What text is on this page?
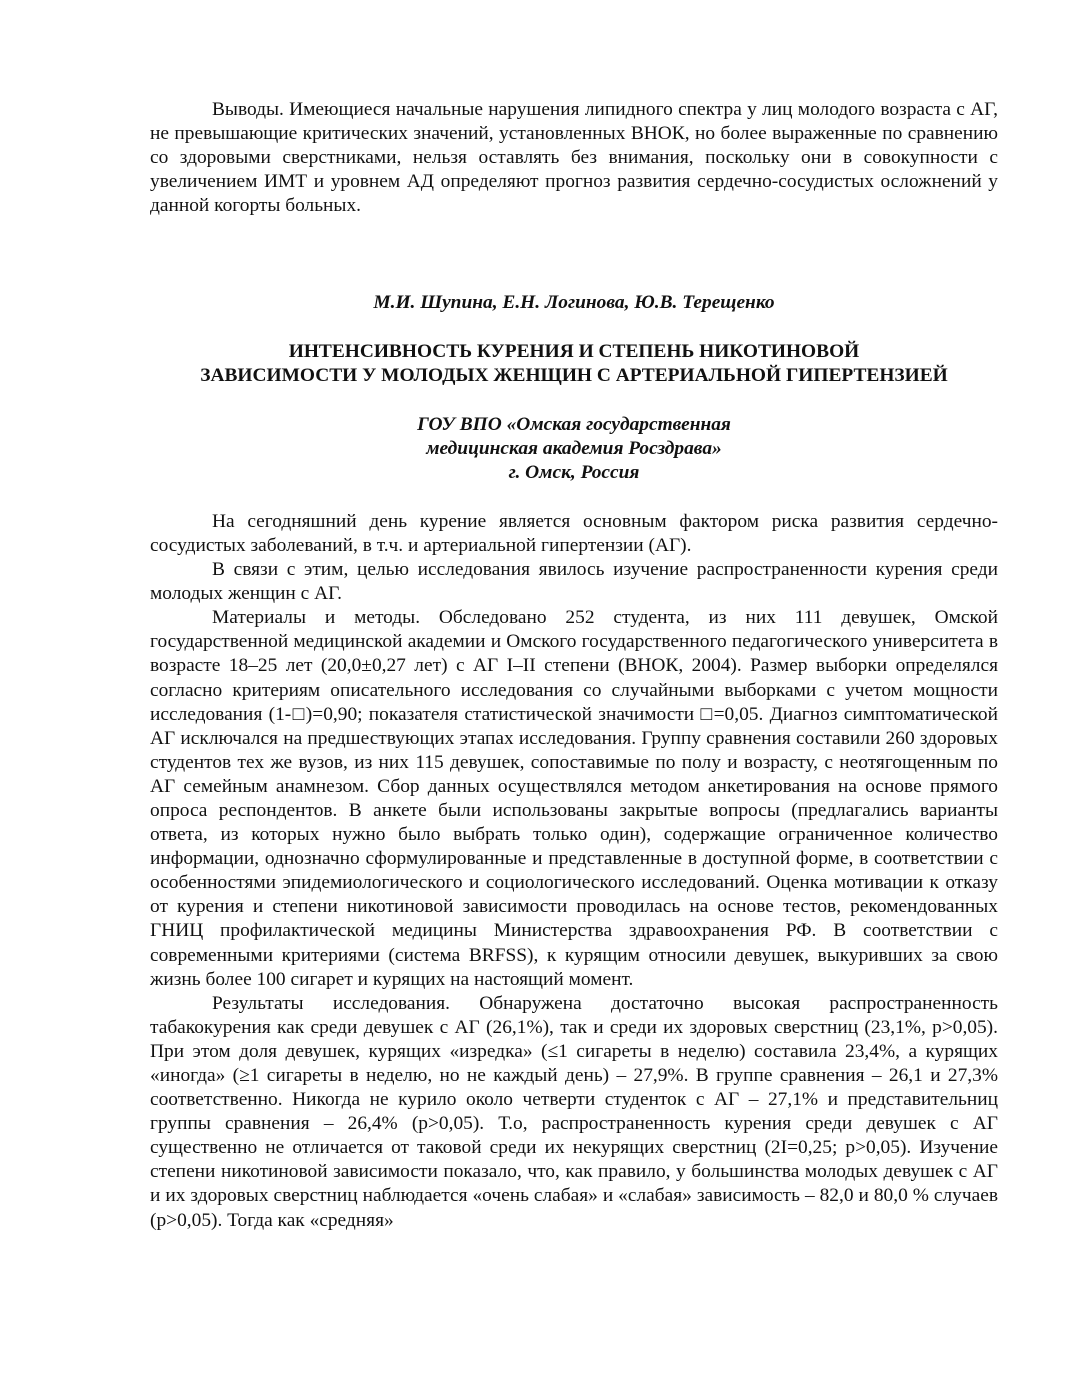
Выводы. Имеющиеся начальные нарушения липидного спектра у лиц молодого возраста с АГ, не превышающие критических значений, установленных ВНОК, но более выраженные по сравнению со здоровыми сверстниками, нельзя оставлять без внимания, поскольку они в совокупности с увеличением ИМТ и уровнем АД определяют прогноз развития сердечно-сосудистых осложнений у данной когорты больных.

М.И. Шупина, Е.Н. Логинова, Ю.В. Терещенко
ИНТЕНСИВНОСТЬ КУРЕНИЯ И СТЕПЕНЬ НИКОТИНОВОЙ
ЗАВИСИМОСТИ У МОЛОДЫХ ЖЕНЩИН С АРТЕРИАЛЬНОЙ ГИПЕРТЕНЗИЕЙ
ГОУ ВПО «Омская государственная
медицинская академия Росздрава»
г. Омск, Россия

На сегодняшний день курение является основным фактором риска развития сердечно-сосудистых заболеваний, в т.ч. и артериальной гипертензии (АГ).

В связи с этим, целью исследования явилось изучение распространенности курения среди молодых женщин с АГ.

Материалы и методы. Обследовано 252 студента, из них 111 девушек, Омской государственной медицинской академии и Омского государственного педагогического университета в возрасте 18–25 лет (20,0±0,27 лет) с АГ I–II степени (ВНОК, 2004). Размер выборки определялся согласно критериям описательного исследования со случайными выборками с учетом мощности исследования (1-□)=0,90; показателя статистической значимости □=0,05. Диагноз симптоматической АГ исключался на предшествующих этапах исследования. Группу сравнения составили 260 здоровых студентов тех же вузов, из них 115 девушек, сопоставимые по полу и возрасту, с неотягощенным по АГ семейным анамнезом. Сбор данных осуществлялся методом анкетирования на основе прямого опроса респондентов. В анкете были использованы закрытые вопросы (предлагались варианты ответа, из которых нужно было выбрать только один), содержащие ограниченное количество информации, однозначно сформулированные и представленные в доступной форме, в соответствии с особенностями эпидемиологического и социологического исследований. Оценка мотивации к отказу от курения и степени никотиновой зависимости проводилась на основе тестов, рекомендованных ГНИЦ профилактической медицины Министерства здравоохранения РФ. В соответствии с современными критериями (система BRFSS), к курящим относили девушек, выкуривших за свою жизнь более 100 сигарет и курящих на настоящий момент.

Результаты исследования. Обнаружена достаточно высокая распространенность табакокурения как среди девушек с АГ (26,1%), так и среди их здоровых сверстниц (23,1%, p>0,05). При этом доля девушек, курящих «изредка» (≤1 сигареты в неделю) составила 23,4%, а курящих «иногда» (≥1 сигареты в неделю, но не каждый день) – 27,9%. В группе сравнения – 26,1 и 27,3% соответственно. Никогда не курило около четверти студенток с АГ – 27,1% и представительниц группы сравнения – 26,4% (p>0,05). Т.о, распространенность курения среди девушек с АГ существенно не отличается от таковой среди их некурящих сверстниц (2I=0,25; p>0,05). Изучение степени никотиновой зависимости показало, что, как правило, у большинства молодых девушек с АГ и их здоровых сверстниц наблюдается «очень слабая» и «слабая» зависимость – 82,0 и 80,0 % случаев (p>0,05). Тогда как «средняя»
